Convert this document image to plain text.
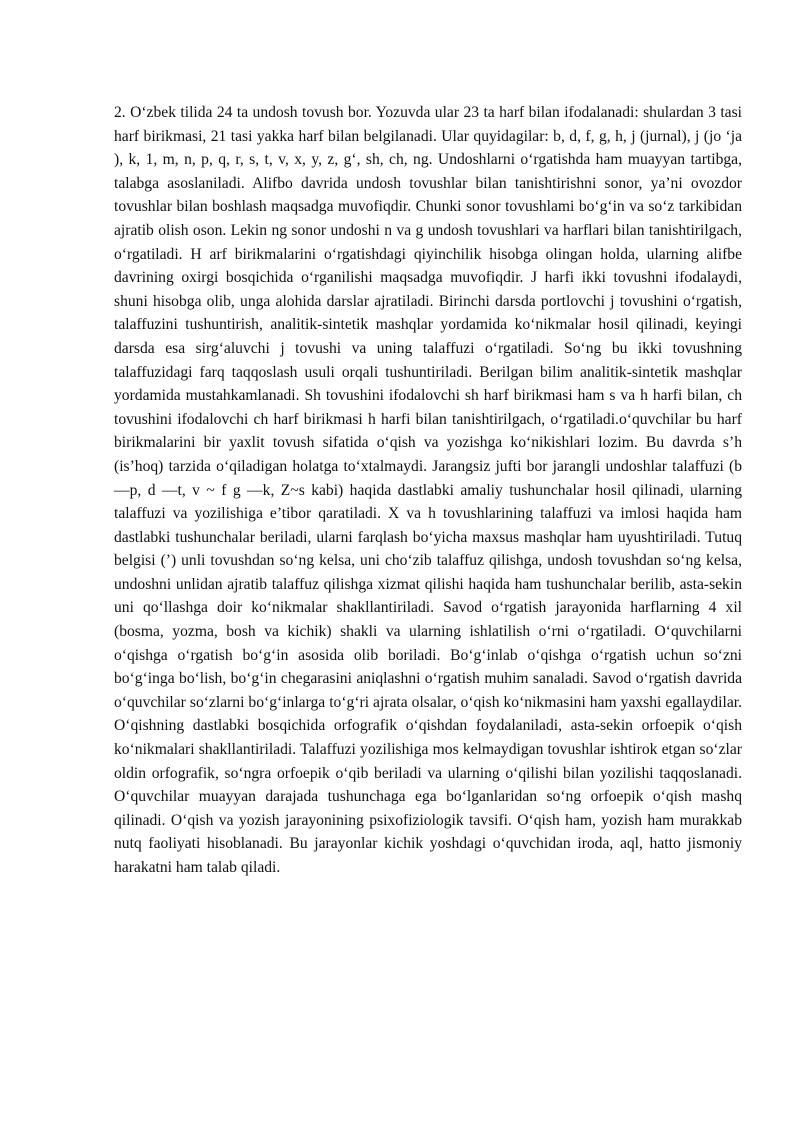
2. O‘zbek tilida 24 ta undosh tovush bor. Yozuvda ular 23 ta harf bilan ifodalanadi: shulardan 3 tasi harf birikmasi, 21 tasi yakka harf bilan belgilanadi. Ular quyidagilar: b, d, f, g, h, j (jurnal), j (jo ‘ja ), k, 1, m, n, p, q, r, s, t, v, x, y, z, g‘, sh, ch, ng. Undoshlarni o‘rgatishda ham muayyan tartibga, talabga asoslaniladi. Alifbo davrida undosh tovushlar bilan tanishtirishni sonor, ya’ni ovozdor tovushlar bilan boshlash maqsadga muvofiqdir. Chunki sonor tovushlami bo‘g‘in va so‘z tarkibidan ajratib olish oson. Lekin ng sonor undoshi n va g undosh tovushlari va harflari bilan tanishtirilgach, o‘rgatiladi. H arf birikmalarini o‘rgatishdagi qiyinchilik hisobga olingan holda, ularning alifbe davrining oxirgi bosqichida o‘rganilishi maqsadga muvofiqdir. J harfi ikki tovushni ifodalaydi, shuni hisobga olib, unga alohida darslar ajratiladi. Birinchi darsda portlovchi j tovushini o‘rgatish, talaffuzini tushuntirish, analitik-sintetik mashqlar yordamida ko‘nikmalar hosil qilinadi, keyingi darsda esa sirg‘aluvchi j tovushi va uning talaffuzi o‘rgatiladi. So‘ng bu ikki tovushning talaffuzidagi farq taqqoslash usuli orqali tushuntiriladi. Berilgan bilim analitik-sintetik mashqlar yordamida mustahkamlanadi. Sh tovushini ifodalovchi sh harf birikmasi ham s va h harfi bilan, ch tovushini ifodalovchi ch harf birikmasi h harfi bilan tanishtirilgach, o‘rgatiladi.o‘quvchilar bu harf birikmalarini bir yaxlit tovush sifatida o‘qish va yozishga ko‘nikishlari lozim. Bu davrda s’h (is’hoq) tarzida o‘qiladigan holatga to‘xtalmaydi. Jarangsiz jufti bor jarangli undoshlar talaffuzi (b —p, d —t, v ~ f g —k, Z~s kabi) haqida dastlabki amaliy tushunchalar hosil qilinadi, ularning talaffuzi va yozilishiga e’tibor qaratiladi. X va h tovushlarining talaffuzi va imlosi haqida ham dastlabki tushunchalar beriladi, ularni farqlash bo‘yicha maxsus mashqlar ham uyushtiriladi. Tutuq belgisi (’) unli tovushdan so‘ng kelsa, uni cho‘zib talaffuz qilishga, undosh tovushdan so‘ng kelsa, undoshni unlidan ajratib talaffuz qilishga xizmat qilishi haqida ham tushunchalar berilib, asta-sekin uni qo‘llashga doir ko‘nikmalar shakllantiriladi. Savod o‘rgatish jarayonida harflarning 4 xil (bosma, yozma, bosh va kichik) shakli va ularning ishlatilish o‘rni o‘rgatiladi. O‘quvchilarni o‘qishga o‘rgatish bo‘g‘in asosida olib boriladi. Bo‘g‘inlab o‘qishga o‘rgatish uchun so‘zni bo‘g‘inga bo‘lish, bo‘g‘in chegarasini aniqlashni o‘rgatish muhim sanaladi. Savod o‘rgatish davrida o‘quvchilar so‘zlarni bo‘g‘inlarga to‘g‘ri ajrata olsalar, o‘qish ko‘nikmasini ham yaxshi egallaydilar. O‘qishning dastlabki bosqichida orfografik o‘qishdan foydalaniladi, asta-sekin orfoepik o‘qish ko‘nikmalari shakllantiriladi. Talaffuzi yozilishiga mos kelmaydigan tovushlar ishtirok etgan so‘zlar oldin orfografik, so‘ngra orfoepik o‘qib beriladi va ularning o‘qilishi bilan yozilishi taqqoslanadi. O‘quvchilar muayyan darajada tushunchaga ega bo‘lganlaridan so‘ng orfoepik o‘qish mashq qilinadi. O‘qish va yozish jarayonining psixofiziologik tavsifi. O‘qish ham, yozish ham murakkab nutq faoliyati hisoblanadi. Bu jarayonlar kichik yoshdagi o‘quvchidan iroda, aql, hatto jismoniy harakatni ham talab qiladi.
